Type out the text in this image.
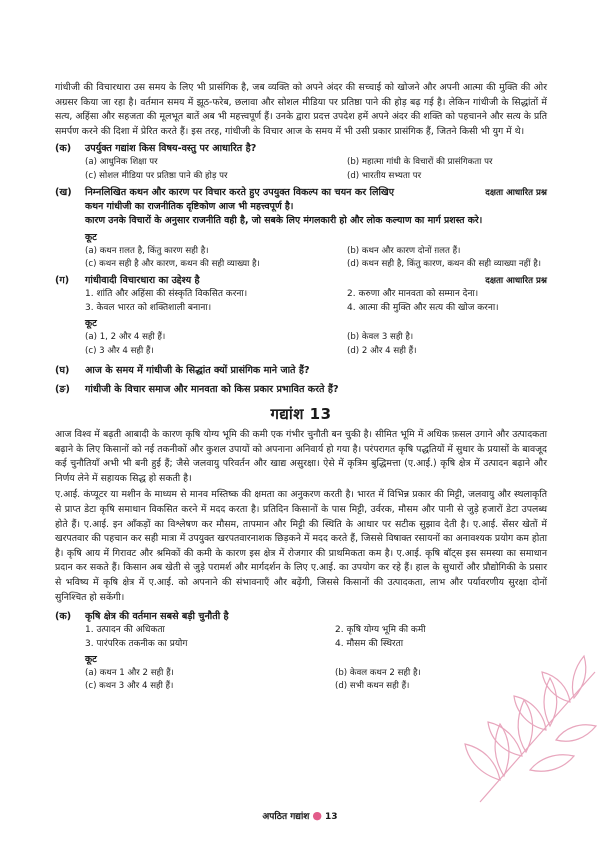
गांधीजी की विचारधारा उस समय के लिए भी प्रासंगिक है, जब व्यक्ति को अपने अंदर की सच्चाई को खोजने और अपनी आत्मा की मुक्ति की ओर अग्रसर किया जा रहा है। वर्तमान समय में झूठ-फरेब, छलावा और सोशल मीडिया पर प्रतिष्ठा पाने की होड़ बढ़ गई है। लेकिन गांधीजी के सिद्धांतों में सत्य, अहिंसा और सहजता की मूलभूत बातें अब भी महत्त्वपूर्ण हैं। उनके द्वारा प्रदत्त उपदेश हमें अपने अंदर की शक्ति को पहचानने और सत्य के प्रति समर्पण करने की दिशा में प्रेरित करते हैं। इस तरह, गांधीजी के विचार आज के समय में भी उसी प्रकार प्रासंगिक हैं, जितने किसी भी युग में थे।

(क)	उपर्युक्त गद्यांश किस विषय-वस्तु पर आधारित है?
(a) आधुनिक शिक्षा पर	(b) महात्मा गांधी के विचारों की प्रासंगिकता पर
(c) सोशल मीडिया पर प्रतिष्ठा पाने की होड़ पर	(d) भारतीय सभ्यता पर
(ख)	निम्नलिखित कथन और कारण पर विचार करते हुए उपयुक्त विकल्प का चयन कर लिखिए	दक्षता आधारित प्रश्न
कथन गांधीजी का राजनीतिक दृष्टिकोण आज भी महत्त्वपूर्ण है।
कारण उनके विचारों के अनुसार राजनीति वही है, जो सबके लिए मंगलकारी हो और लोक कल्याण का मार्ग प्रशस्त करे।
कूट
(a) कथन ग़लत है, किंतु कारण सही है।	(b) कथन और कारण दोनों ग़लत हैं।
(c) कथन सही है और कारण, कथन की सही व्याख्या है।	(d) कथन सही है, किंतु कारण, कथन की सही व्याख्या नहीं है।
(ग)	गांधीवादी विचारधारा का उद्देश्य है	दक्षता आधारित प्रश्न
1. शांति और अहिंसा की संस्कृति विकसित करना।	2. करुणा और मानवता को सम्मान देना।
3. केवल भारत को शक्तिशाली बनाना।	4. आत्मा की मुक्ति और सत्य की खोज करना।
कूट
(a) 1, 2 और 4 सही हैं।	(b) केवल 3 सही है।
(c) 3 और 4 सही हैं।	(d) 2 और 4 सही हैं।
(घ)	आज के समय में गांधीजी के सिद्धांत क्यों प्रासंगिक माने जाते हैं?
(ङ)	गांधीजी के विचार समाज और मानवता को किस प्रकार प्रभावित करते हैं?
गद्यांश 13

आज विश्व में बढ़ती आबादी के कारण कृषि योग्य भूमि की कमी एक गंभीर चुनौती बन चुकी है। सीमित भूमि में अधिक फ़सल उगाने और उत्पादकता बढ़ाने के लिए किसानों को नई तकनीकों और कुशल उपायों को अपनाना अनिवार्य हो गया है। परंपरागत कृषि पद्धतियों में सुधार के प्रयासों के बावजूद कई चुनौतियाँ अभी भी बनी हुई हैं; जैसे जलवायु परिवर्तन और खाद्य असुरक्षा। ऐसे में कृत्रिम बुद्धिमत्ता (ए.आई.) कृषि क्षेत्र में उत्पादन बढ़ाने और निर्णय लेने में सहायक सिद्ध हो सकती है।

ए.आई. कंप्यूटर या मशीन के माध्यम से मानव मस्तिष्क की क्षमता का अनुकरण करती है। भारत में विभिन्न प्रकार की मिट्टी, जलवायु और स्थलाकृति से प्राप्त डेटा कृषि समाधान विकसित करने में मदद करता है। प्रतिदिन किसानों के पास मिट्टी, उर्वरक, मौसम और पानी से जुड़े हजारों डेटा उपलब्ध होते हैं। ए.आई. इन आँकड़ों का विश्लेषण कर मौसम, तापमान और मिट्टी की स्थिति के आधार पर सटीक सुझाव देती है। ए.आई. सेंसर खेतों में खरपतवार की पहचान कर सही मात्रा में उपयुक्त खरपतवारनाशक छिड़कने में मदद करते हैं, जिससे विषाक्त रसायनों का अनावश्यक प्रयोग कम होता है। कृषि आय में गिरावट और श्रमिकों की कमी के कारण इस क्षेत्र में रोजगार की प्राथमिकता कम है। ए.आई. कृषि बॉट्स इस समस्या का समाधान प्रदान कर सकते हैं। किसान अब खेती से जुड़े परामर्श और मार्गदर्शन के लिए ए.आई. का उपयोग कर रहे हैं। हाल के सुधारों और प्रौद्योगिकी के प्रसार से भविष्य में कृषि क्षेत्र में ए.आई. को अपनाने की संभावनाएँ और बढ़ेंगी, जिससे किसानों की उत्पादकता, लाभ और पर्यावरणीय सुरक्षा दोनों सुनिश्चित हो सकेंगी।

(क)	कृषि क्षेत्र की वर्तमान सबसे बड़ी चुनौती है
1. उत्पादन की अधिकता	2. कृषि योग्य भूमि की कमी
3. पारंपरिक तकनीक का प्रयोग	4. मौसम की स्थिरता
कूट
(a) कथन 1 और 2 सही हैं।	(b) केवल कथन 2 सही है।
(c) कथन 3 और 4 सही हैं।	(d) सभी कथन सही हैं।
अपठित गद्यांश ● 13
